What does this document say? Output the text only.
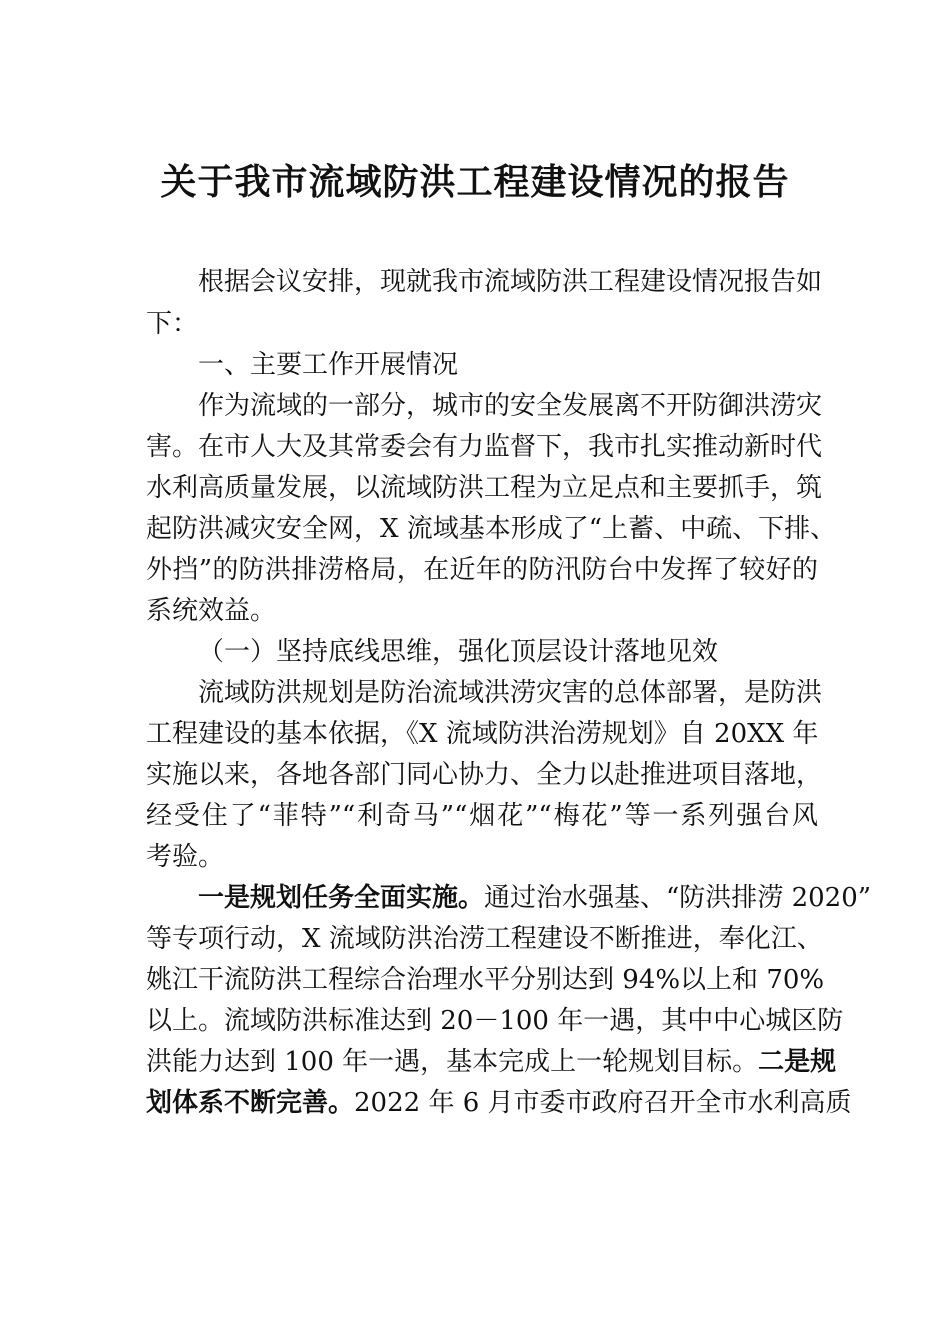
关于我市流域防洪工程建设情况的报告

根据会议安排，现就我市流域防洪工程建设情况报告如

下：

一、主要工作开展情况

作为流域的一部分，城市的安全发展离不开防御洪涝灾

害。在市人大及其常委会有力监督下，我市扎实推动新时代

水利高质量发展，以流域防洪工程为立足点和主要抓手，筑

起防洪减灾安全网，X 流域基本形成了“上蓄、中疏、下排、

外挡”的防洪排涝格局，在近年的防汛防台中发挥了较好的

系统效益。

（一）坚持底线思维，强化顶层设计落地见效

流域防洪规划是防治流域洪涝灾害的总体部署，是防洪

工程建设的基本依据，《X 流域防洪治涝规划》自 20XX 年

实施以来，各地各部门同心协力、全力以赴推进项目落地，

经受住了“菲特”“利奇马”“烟花”“梅花”等一系列强台风

考验。

一是规划任务全面实施。通过治水强基、“防洪排涝 2020”

等专项行动，X 流域防洪治涝工程建设不断推进，奉化江、

姚江干流防洪工程综合治理水平分别达到 94%以上和 70%

以上。流域防洪标准达到 20－100 年一遇，其中中心城区防

洪能力达到 100 年一遇，基本完成上一轮规划目标。二是规

划体系不断完善。2022 年 6 月市委市政府召开全市水利高质
